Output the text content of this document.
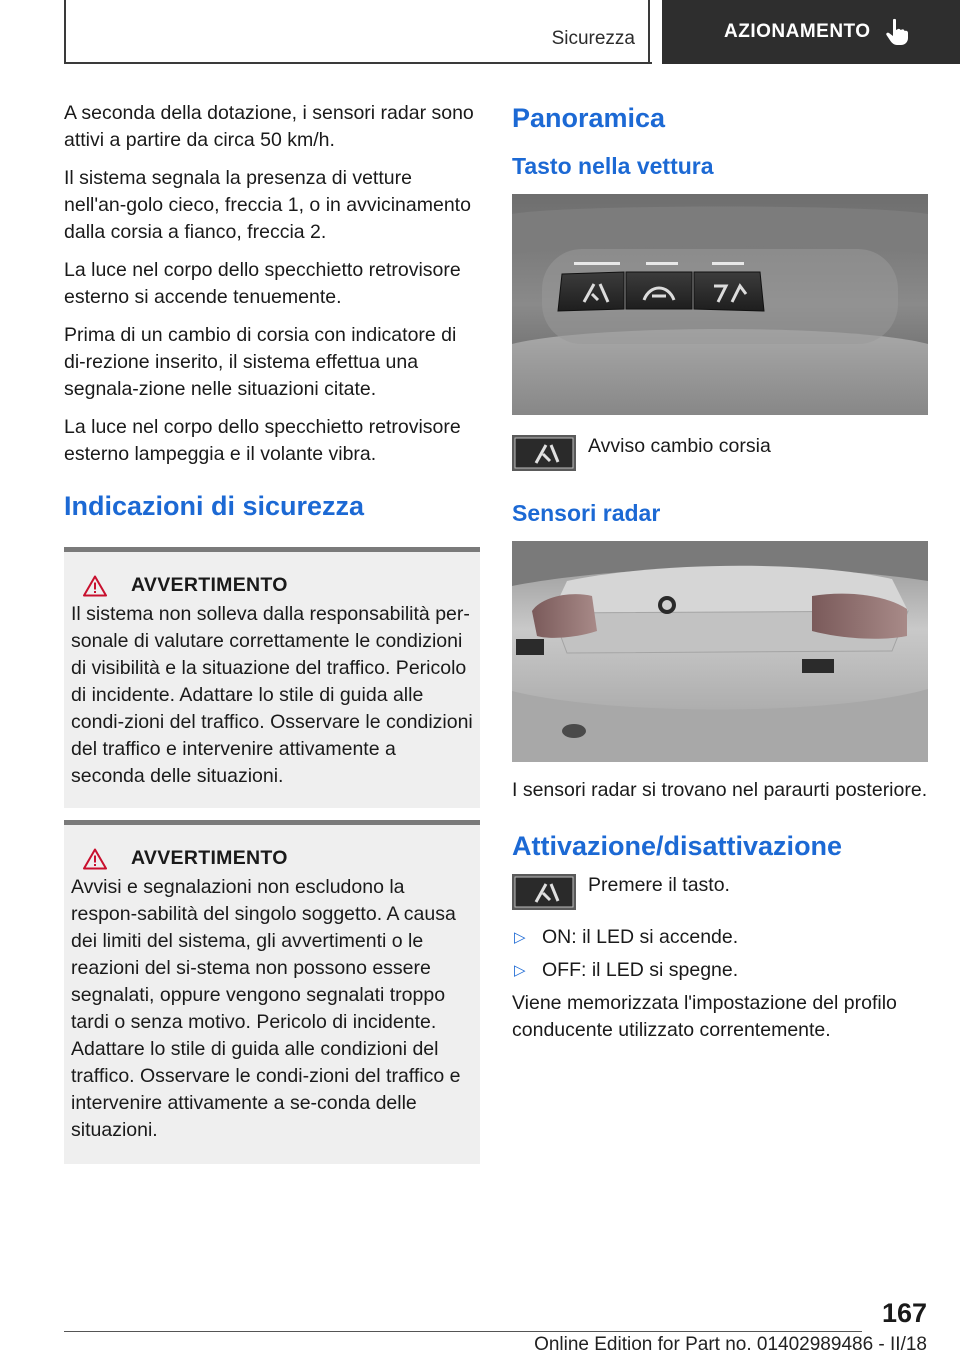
Sicurezza	AZIONAMENTO

A seconda della dotazione, i sensori radar sono attivi a partire da circa 50 km/h.

Il sistema segnala la presenza di vetture nell'an‐golo cieco, freccia 1, o in avvicinamento dalla corsia a fianco, freccia 2.

La luce nel corpo dello specchietto retrovisore esterno si accende tenuemente.

Prima di un cambio di corsia con indicatore di di‐rezione inserito, il sistema effettua una segnala‐zione nelle situazioni citate.

La luce nel corpo dello specchietto retrovisore esterno lampeggia e il volante vibra.

Indicazioni di sicurezza
AVVERTIMENTO
Il sistema non solleva dalla responsabilità per‐sonale di valutare correttamente le condizioni di visibilità e la situazione del traffico. Pericolo di incidente. Adattare lo stile di guida alle condi‐zioni del traffico. Osservare le condizioni del traffico e intervenire attivamente a seconda delle situazioni.
AVVERTIMENTO
Avvisi e segnalazioni non escludono la respon‐sabilità del singolo soggetto. A causa dei limiti del sistema, gli avvertimenti o le reazioni del si‐stema non possono essere segnalati, oppure vengono segnalati troppo tardi o senza motivo. Pericolo di incidente. Adattare lo stile di guida alle condizioni del traffico. Osservare le condi‐zioni del traffico e intervenire attivamente a se‐conda delle situazioni.
Panoramica
Tasto nella vettura
Avviso cambio corsia
Sensori radar

I sensori radar si trovano nel paraurti posteriore.

Attivazione/disattivazione
Premere il tasto.
▷ ON: il LED si accende.
▷ OFF: il LED si spegne.

Viene memorizzata l'impostazione del profilo conducente utilizzato correntemente.

167
Online Edition for Part no. 01402989486 - II/18
